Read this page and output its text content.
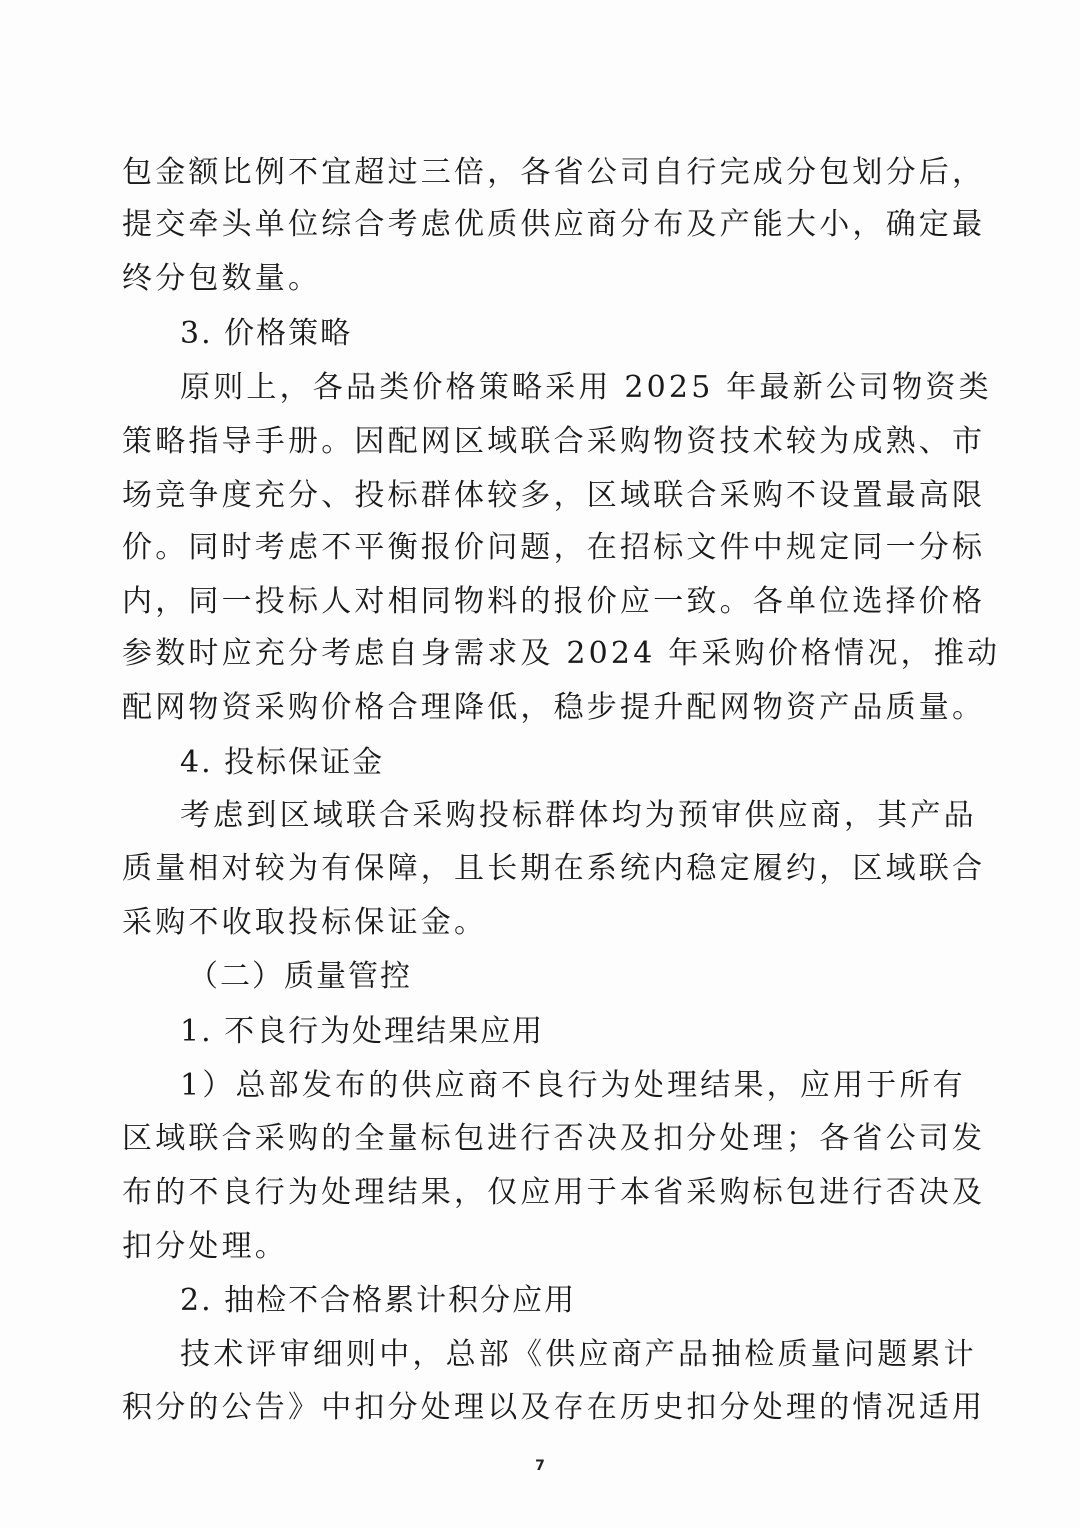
包金额比例不宜超过三倍，各省公司自行完成分包划分后，
提交牵头单位综合考虑优质供应商分布及产能大小，确定最
终分包数量。
3. 价格策略
原则上，各品类价格策略采用 2025 年最新公司物资类
策略指导手册。因配网区域联合采购物资技术较为成熟、市
场竞争度充分、投标群体较多，区域联合采购不设置最高限
价。同时考虑不平衡报价问题，在招标文件中规定同一分标
内，同一投标人对相同物料的报价应一致。各单位选择价格
参数时应充分考虑自身需求及 2024 年采购价格情况，推动
配网物资采购价格合理降低，稳步提升配网物资产品质量。
4. 投标保证金
考虑到区域联合采购投标群体均为预审供应商，其产品
质量相对较为有保障，且长期在系统内稳定履约，区域联合
采购不收取投标保证金。
（二）质量管控
1. 不良行为处理结果应用
1）总部发布的供应商不良行为处理结果，应用于所有
区域联合采购的全量标包进行否决及扣分处理；各省公司发
布的不良行为处理结果，仅应用于本省采购标包进行否决及
扣分处理。
2. 抽检不合格累计积分应用
技术评审细则中，总部《供应商产品抽检质量问题累计
积分的公告》中扣分处理以及存在历史扣分处理的情况适用
7
